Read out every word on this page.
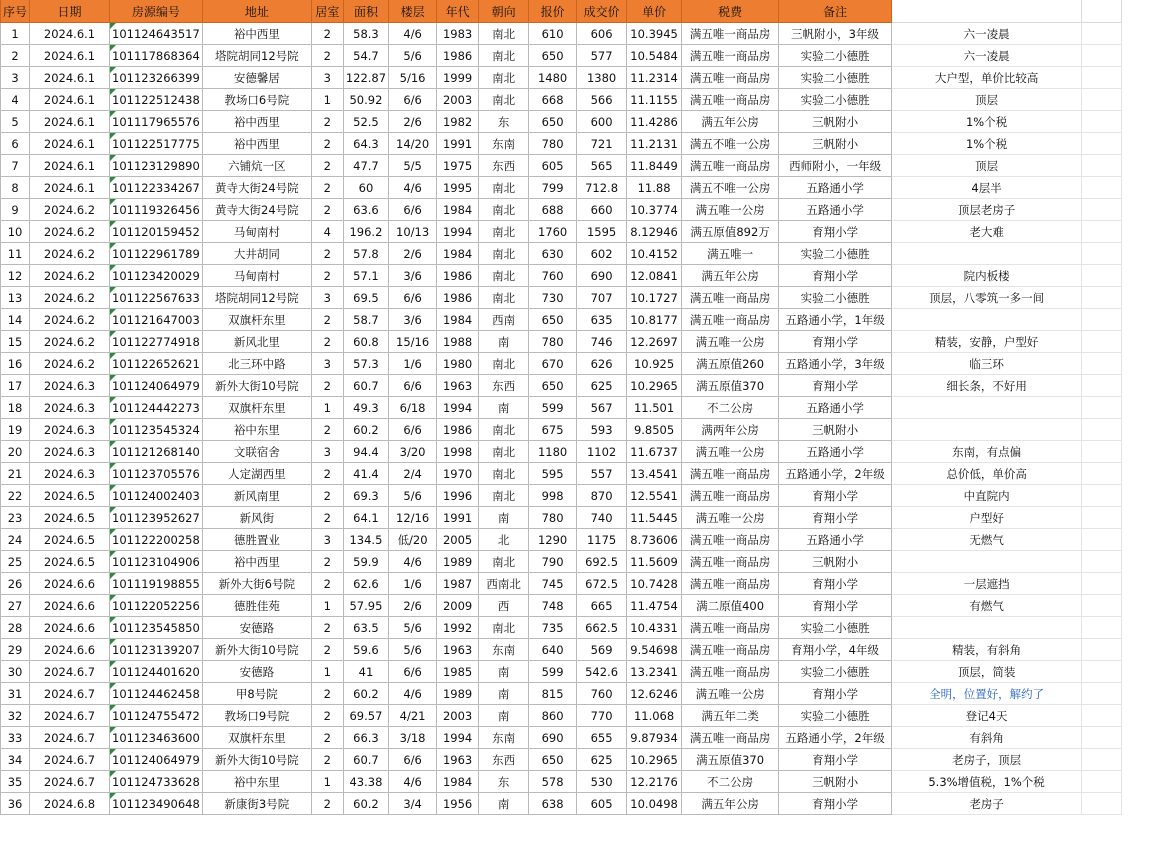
序号	日期	房源编号	地址	居室	面积	楼层	年代	朝向	报价	成交价	单价	税费	备注		
1	2024.6.1	101124643517	裕中西里	2	58.3	4/6	1983	南北	610	606	10.3945	满五唯一商品房	三帆附小，3年级	六一凌晨	
2	2024.6.1	101117868364	塔院胡同12号院	2	54.7	5/6	1986	南北	650	577	10.5484	满五唯一商品房	实验二小德胜	六一凌晨	
3	2024.6.1	101123266399	安德馨居	3	122.87	5/16	1999	南北	1480	1380	11.2314	满五唯一商品房	实验二小德胜	大户型，单价比较高	
4	2024.6.1	101122512438	教场口6号院	1	50.92	6/6	2003	南北	668	566	11.1155	满五唯一商品房	实验二小德胜	顶层	
5	2024.6.1	101117965576	裕中西里	2	52.5	2/6	1982	东	650	600	11.4286	满五年公房	三帆附小	1%个税	
6	2024.6.1	101122517775	裕中西里	2	64.3	14/20	1991	东南	780	721	11.2131	满五不唯一公房	三帆附小	1%个税	
7	2024.6.1	101123129890	六铺炕一区	2	47.7	5/5	1975	东西	605	565	11.8449	满五唯一商品房	西师附小，一年级	顶层	
8	2024.6.1	101122334267	黄寺大街24号院	2	60	4/6	1995	南北	799	712.8	11.88	满五不唯一公房	五路通小学	4层半	
9	2024.6.2	101119326456	黄寺大街24号院	2	63.6	6/6	1984	南北	688	660	10.3774	满五唯一公房	五路通小学	顶层老房子	
10	2024.6.2	101120159452	马甸南村	4	196.2	10/13	1994	南北	1760	1595	8.12946	满五原值892万	育翔小学	老大难	
11	2024.6.2	101122961789	大井胡同	2	57.8	2/6	1984	南北	630	602	10.4152	满五唯一	实验二小德胜		
12	2024.6.2	101123420029	马甸南村	2	57.1	3/6	1986	南北	760	690	12.0841	满五年公房	育翔小学	院内板楼	
13	2024.6.2	101122567633	塔院胡同12号院	3	69.5	6/6	1986	南北	730	707	10.1727	满五唯一商品房	实验二小德胜	顶层，八零筑一多一间	
14	2024.6.2	101121647003	双旗杆东里	2	58.7	3/6	1984	西南	650	635	10.8177	满五唯一商品房	五路通小学，1年级		
15	2024.6.2	101122774918	新风北里	2	60.8	15/16	1988	南	780	746	12.2697	满五唯一公房	育翔小学	精装，安静，户型好	
16	2024.6.2	101122652621	北三环中路	3	57.3	1/6	1980	南北	670	626	10.925	满五原值260	五路通小学，3年级	临三环	
17	2024.6.3	101124064979	新外大街10号院	2	60.7	6/6	1963	东西	650	625	10.2965	满五原值370	育翔小学	细长条，不好用	
18	2024.6.3	101124442273	双旗杆东里	1	49.3	6/18	1994	南	599	567	11.501	不二公房	五路通小学		
19	2024.6.3	101123545324	裕中东里	2	60.2	6/6	1986	南北	675	593	9.8505	满两年公房	三帆附小		
20	2024.6.3	101121268140	文联宿舍	3	94.4	3/20	1998	南北	1180	1102	11.6737	满五唯一公房	五路通小学	东南，有点偏	
21	2024.6.3	101123705576	人定湖西里	2	41.4	2/4	1970	南北	595	557	13.4541	满五唯一商品房	五路通小学，2年级	总价低，单价高	
22	2024.6.5	101124002403	新风南里	2	69.3	5/6	1996	南北	998	870	12.5541	满五唯一商品房	育翔小学	中直院内	
23	2024.6.5	101123952627	新风街	2	64.1	12/16	1991	南	780	740	11.5445	满五唯一公房	育翔小学	户型好	
24	2024.6.5	101122200258	德胜置业	3	134.5	低/20	2005	北	1290	1175	8.73606	满五唯一商品房	五路通小学	无燃气	
25	2024.6.5	101123104906	裕中西里	2	59.9	4/6	1989	南北	790	692.5	11.5609	满五唯一商品房	三帆附小		
26	2024.6.6	101119198855	新外大街6号院	2	62.6	1/6	1987	西南北	745	672.5	10.7428	满五唯一商品房	育翔小学	一层遮挡	
27	2024.6.6	101122052256	德胜佳苑	1	57.95	2/6	2009	西	748	665	11.4754	满二原值400	育翔小学	有燃气	
28	2024.6.6	101123545850	安德路	2	63.5	5/6	1992	南北	735	662.5	10.4331	满五唯一商品房	实验二小德胜		
29	2024.6.6	101123139207	新外大街10号院	2	59.6	5/6	1963	东南	640	569	9.54698	满五唯一商品房	育翔小学，4年级	精装，有斜角	
30	2024.6.7	101124401620	安德路	1	41	6/6	1985	南	599	542.6	13.2341	满五唯一商品房	实验二小德胜	顶层，简装	
31	2024.6.7	101124462458	甲8号院	2	60.2	4/6	1989	南	815	760	12.6246	满五唯一公房	育翔小学	全明，位置好，解约了	
32	2024.6.7	101124755472	教场口9号院	2	69.57	4/21	2003	南	860	770	11.068	满五年二类	实验二小德胜	登记4天	
33	2024.6.7	101123463600	双旗杆东里	2	66.3	3/18	1994	东南	690	655	9.87934	满五唯一商品房	五路通小学，2年级	有斜角	
34	2024.6.7	101124064979	新外大街10号院	2	60.7	6/6	1963	东西	650	625	10.2965	满五原值370	育翔小学	老房子，顶层	
35	2024.6.7	101124733628	裕中东里	1	43.38	4/6	1984	东	578	530	12.2176	不二公房	三帆附小	5.3%增值税，1%个税	
36	2024.6.8	101123490648	新康街3号院	2	60.2	3/4	1956	南	638	605	10.0498	满五年公房	育翔小学	老房子	
